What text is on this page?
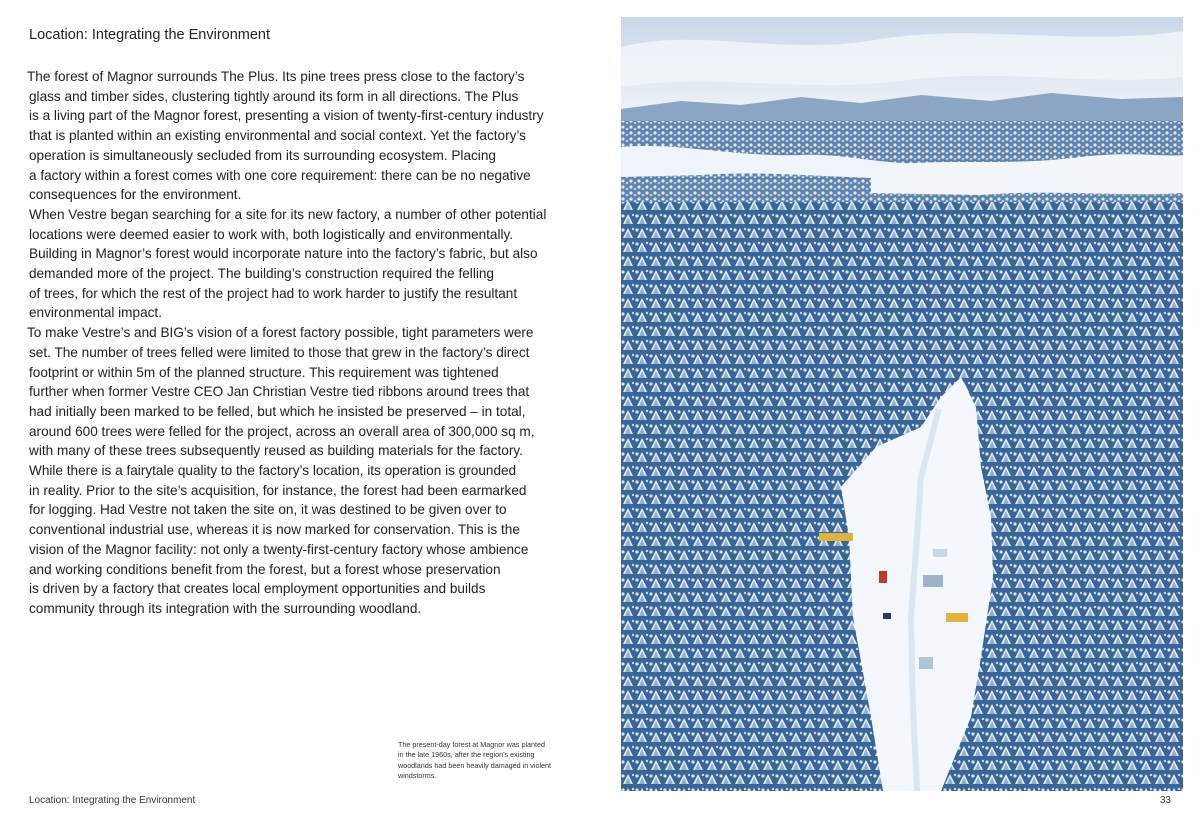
Location: Integrating the Environment

The forest of Magnor surrounds The Plus. Its pine trees press close to the factory’s
glass and timber sides, clustering tightly around its form in all directions. The Plus
is a living part of the Magnor forest, presenting a vision of twenty-first-century industry
that is planted within an existing environmental and social context. Yet the factory’s
operation is simultaneously secluded from its surrounding ecosystem. Placing
a factory within a forest comes with one core requirement: there can be no negative
consequences for the environment.

When Vestre began searching for a site for its new factory, a number of other potential
locations were deemed easier to work with, both logistically and environmentally.
Building in Magnor’s forest would incorporate nature into the factory’s fabric, but also
demanded more of the project. The building’s construction required the felling
of trees, for which the rest of the project had to work harder to justify the resultant
environmental impact.

To make Vestre’s and BIG’s vision of a forest factory possible, tight parameters were
set. The number of trees felled were limited to those that grew in the factory’s direct
footprint or within 5m of the planned structure. This requirement was tightened
further when former Vestre CEO Jan Christian Vestre tied ribbons around trees that
had initially been marked to be felled, but which he insisted be preserved – in total,
around 600 trees were felled for the project, across an overall area of 300,000 sq m,
with many of these trees subsequently reused as building materials for the factory.

While there is a fairytale quality to the factory’s location, its operation is grounded
in reality. Prior to the site’s acquisition, for instance, the forest had been earmarked
for logging. Had Vestre not taken the site on, it was destined to be given over to
conventional industrial use, whereas it is now marked for conservation. This is the
vision of the Magnor facility: not only a twenty-first-century factory whose ambience
and working conditions benefit from the forest, but a forest whose preservation
is driven by a factory that creates local employment opportunities and builds
community through its integration with the surrounding woodland.

The present-day forest at Magnor was planted
in the late 1960s, after the region’s existing
woodlands had been heavily damaged in violent
windstorms.
Location: Integrating the Environment	33
